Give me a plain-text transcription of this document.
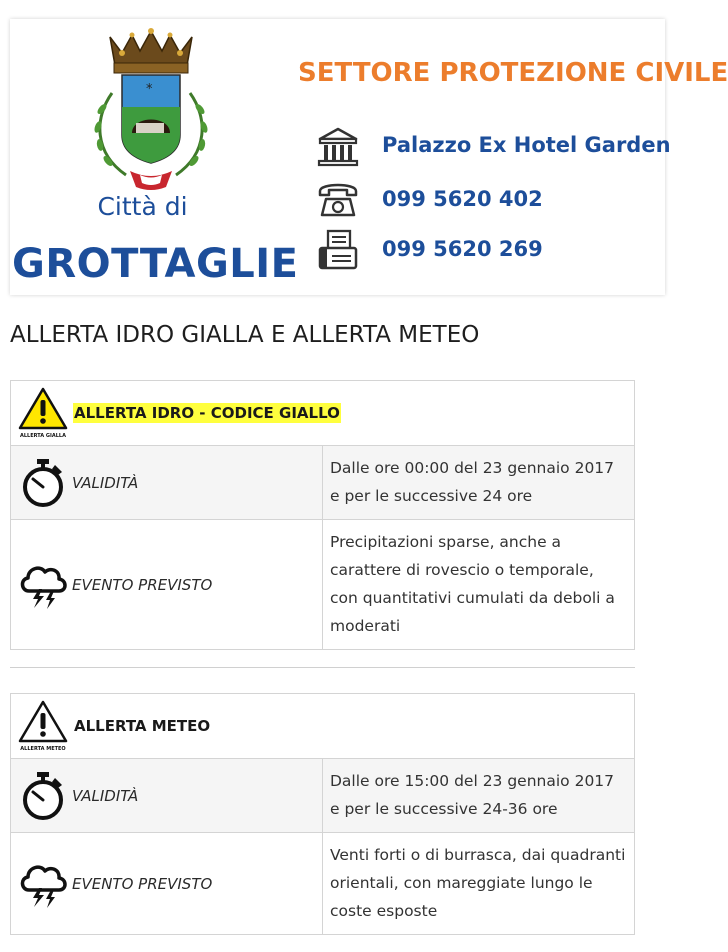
*
Città di
GROTTAGLIE
SETTORE PROTEZIONE CIVILE
Palazzo Ex Hotel Garden
099 5620 402
099 5620 269
ALLERTA IDRO GIALLA E ALLERTA METEO
ALLERTA GIALLA
ALLERTA IDRO - CODICE GIALLO	

VALIDITÀ	Dalle ore 00:00 del 23 gennaio 2017 e per le successive 24 ore

EVENTO PREVISTO	Precipitazioni sparse, anche a carattere di rovescio o temporale, con quantitativi cumulati da deboli a moderati
ALLERTA METEO
ALLERTA METEO	

VALIDITÀ	Dalle ore 15:00 del 23 gennaio 2017 e per le successive 24-36 ore

EVENTO PREVISTO	Venti forti o di burrasca, dai quadranti orientali, con mareggiate lungo le coste esposte
